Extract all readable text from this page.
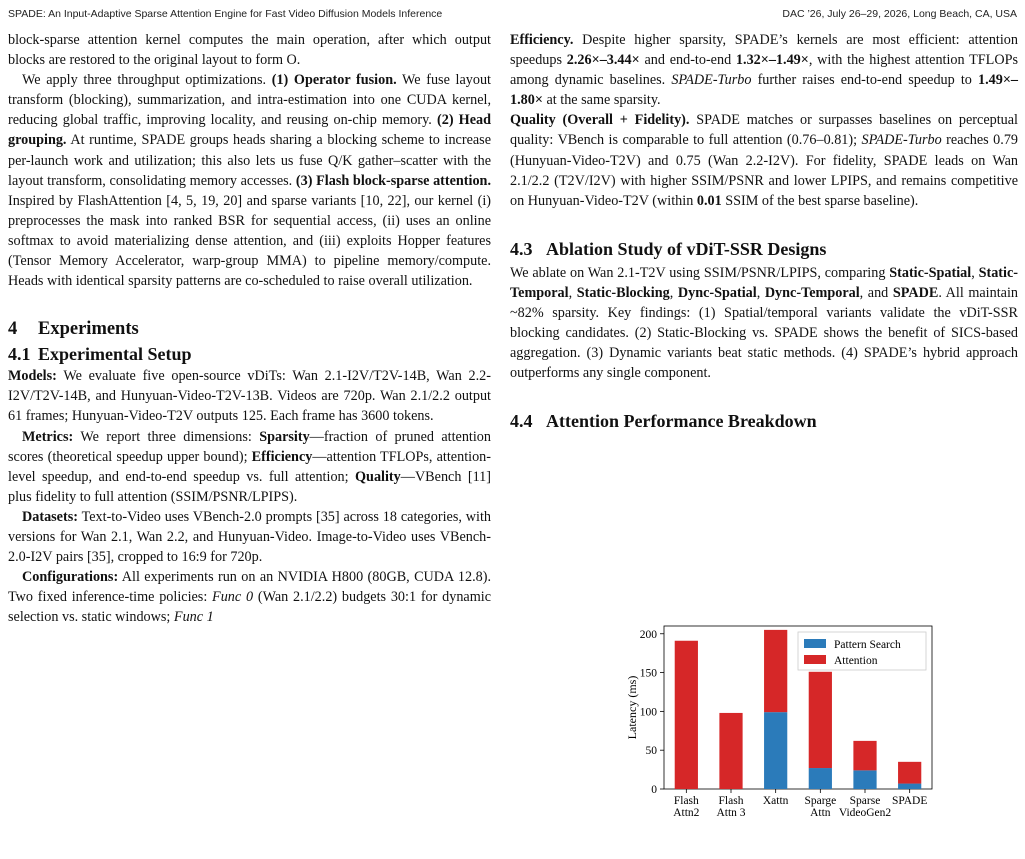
SPADE: An Input-Adaptive Sparse Attention Engine for Fast Video Diffusion Models Inference	DAC ’26, July 26–29, 2026, Long Beach, CA, USA

block-sparse attention kernel computes the main operation, after which output blocks are restored to the original layout to form O.

We apply three throughput optimizations. (1) Operator fusion. We fuse layout transform (blocking), summarization, and intra-estimation into one CUDA kernel, reducing global traffic, improving locality, and reusing on-chip memory. (2) Head grouping. At runtime, SPADE groups heads sharing a blocking scheme to increase per-launch work and utilization; this also lets us fuse Q/K gather–scatter with the layout transform, consolidating memory accesses. (3) Flash block-sparse attention. Inspired by FlashAttention [4, 5, 19, 20] and sparse variants [10, 22], our kernel (i) preprocesses the mask into ranked BSR for sequential access, (ii) uses an online softmax to avoid materializing dense attention, and (iii) exploits Hopper features (Tensor Memory Accelerator, warp-group MMA) to pipeline memory/compute. Heads with identical sparsity patterns are co-scheduled to raise overall utilization.

4 Experiments
4.1 Experimental Setup

Models: We evaluate five open-source vDiTs: Wan 2.1-I2V/T2V-14B, Wan 2.2-I2V/T2V-14B, and Hunyuan-Video-T2V-13B. Videos are 720p. Wan 2.1/2.2 output 61 frames; Hunyuan-Video-T2V outputs 125. Each frame has 3600 tokens.

Metrics: We report three dimensions: Sparsity—fraction of pruned attention scores (theoretical speedup upper bound); Efficiency—attention TFLOPs, attention-level speedup, and end-to-end speedup vs. full attention; Quality—VBench [11] plus fidelity to full attention (SSIM/PSNR/LPIPS).

Datasets: Text-to-Video uses VBench-2.0 prompts [35] across 18 categories, with versions for Wan 2.1, Wan 2.2, and Hunyuan-Video. Image-to-Video uses VBench-2.0-I2V pairs [35], cropped to 16:9 for 720p.

Configurations: All experiments run on an NVIDIA H800 (80GB, CUDA 12.8). Two fixed inference-time policies: Func 0 (Wan 2.1/2.2) budgets 30:1 for dynamic selection vs. static windows; Func 1

Efficiency. Despite higher sparsity, SPADE’s kernels are most efficient: attention speedups 2.26×–3.44× and end-to-end 1.32×–1.49×, with the highest attention TFLOPs among dynamic baselines. SPADE-Turbo further raises end-to-end speedup to 1.49×–1.80× at the same sparsity.

Quality (Overall + Fidelity). SPADE matches or surpasses baselines on perceptual quality: VBench is comparable to full attention (0.76–0.81); SPADE-Turbo reaches 0.79 (Hunyuan-Video-T2V) and 0.75 (Wan 2.2-I2V). For fidelity, SPADE leads on Wan 2.1/2.2 (T2V/I2V) with higher SSIM/PSNR and lower LPIPS, and remains competitive on Hunyuan-Video-T2V (within 0.01 SSIM of the best sparse baseline).

4.3 Ablation Study of vDiT-SSR Designs

We ablate on Wan 2.1-T2V using SSIM/PSNR/LPIPS, comparing Static-Spatial, Static-Temporal, Static-Blocking, Dync-Spatial, Dync-Temporal, and SPADE. All maintain ~82% sparsity. Key findings: (1) Spatial/temporal variants validate the vDiT-SSR blocking candidates. (2) Static-Blocking vs. SPADE shows the benefit of SICS-based aggregation. (3) Dynamic variants beat static methods. (4) SPADE’s hybrid approach outperforms any single component.

4.4 Attention Performance Breakdown
0
50
100
150
200
Latency (ms)
Flash
Attn2
Flash
Attn 3
Xattn Sparge
Attn
Sparse
VideoGen2
SPADE
Pattern Search
Attention
